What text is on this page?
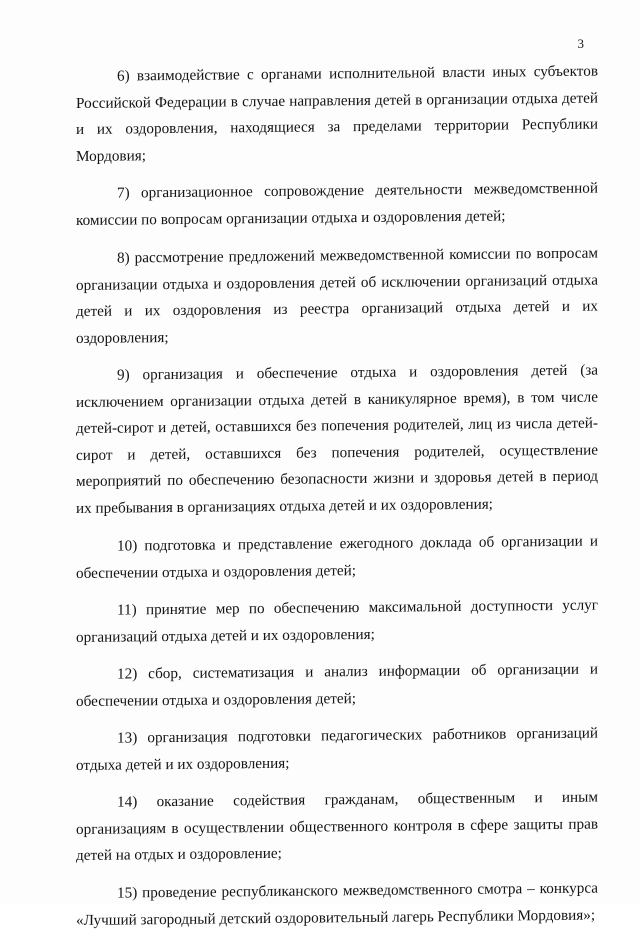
3

6) взаимодействие с органами исполнительной власти иных субъектов Российской Федерации в случае направления детей в организации отдыха детей и их оздоровления, находящиеся за пределами территории Республики Мордовия;

7) организационное сопровождение деятельности межведомственной комиссии по вопросам организации отдыха и оздоровления детей;

8) рассмотрение предложений межведомственной комиссии по вопросам организации отдыха и оздоровления детей об исключении организаций отдыха детей и их оздоровления из реестра организаций отдыха детей и их оздоровления;

9) организация и обеспечение отдыха и оздоровления детей (за исключением организации отдыха детей в каникулярное время), в том числе детей-сирот и детей, оставшихся без попечения родителей, лиц из числа детей-сирот и детей, оставшихся без попечения родителей, осуществление мероприятий по обеспечению безопасности жизни и здоровья детей в период их пребывания в организациях отдыха детей и их оздоровления;

10) подготовка и представление ежегодного доклада об организации и обеспечении отдыха и оздоровления детей;

11) принятие мер по обеспечению максимальной доступности услуг организаций отдыха детей и их оздоровления;

12) сбор, систематизация и анализ информации об организации и обеспечении отдыха и оздоровления детей;

13) организация подготовки педагогических работников организаций отдыха детей и их оздоровления;

14) оказание содействия гражданам, общественным и иным организациям в осуществлении общественного контроля в сфере защиты прав детей на отдых и оздоровление;

15) проведение республиканского межведомственного смотра – конкурса «Лучший загородный детский оздоровительный лагерь Республики Мордовия»;
